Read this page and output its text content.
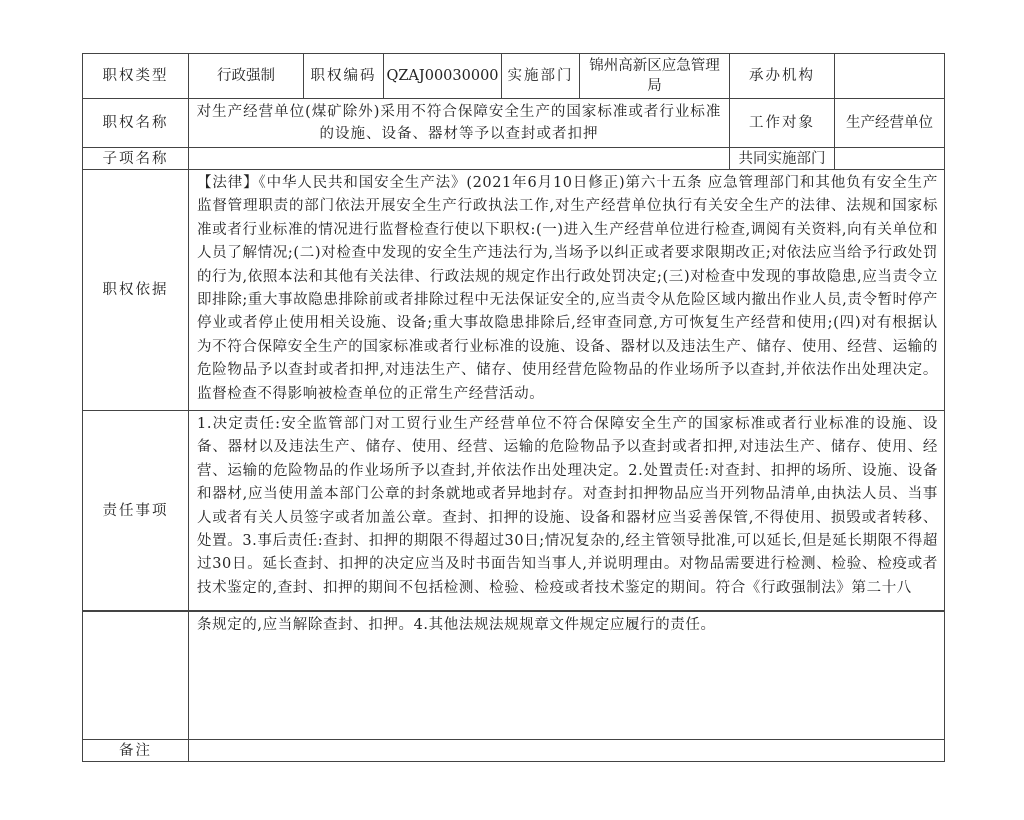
职权类型	行政强制	职权编码	QZAJ00030000	实施部门	锦州高新区应急管理局	承办机构	
职权名称	对生产经营单位(煤矿除外)采用不符合保障安全生产的国家标准或者行业标准的设施、设备、器材等予以查封或者扣押					工作对象	生产经营单位
子项名称						共同实施部门	
职权依据	【法律】《中华人民共和国安全生产法》(2021年6月10日修正)第六十五条 应急管理部门和其他负有安全生产监督管理职责的部门依法开展安全生产行政执法工作,对生产经营单位执行有关安全生产的法律、法规和国家标准或者行业标准的情况进行监督检查行使以下职权:(一)进入生产经营单位进行检查,调阅有关资料,向有关单位和人员了解情况;(二)对检查中发现的安全生产违法行为,当场予以纠正或者要求限期改正;对依法应当给予行政处罚的行为,依照本法和其他有关法律、行政法规的规定作出行政处罚决定;(三)对检查中发现的事故隐患,应当责令立即排除;重大事故隐患排除前或者排除过程中无法保证安全的,应当责令从危险区域内撤出作业人员,责令暂时停产停业或者停止使用相关设施、设备;重大事故隐患排除后,经审查同意,方可恢复生产经营和使用;(四)对有根据认为不符合保障安全生产的国家标准或者行业标准的设施、设备、器材以及违法生产、储存、使用、经营、运输的危险物品予以查封或者扣押,对违法生产、储存、使用经营危险物品的作业场所予以查封,并依法作出处理决定。监督检查不得影响被检查单位的正常生产经营活动。						
责任事项	1.决定责任:安全监管部门对工贸行业生产经营单位不符合保障安全生产的国家标准或者行业标准的设施、设备、器材以及违法生产、储存、使用、经营、运输的危险物品予以查封或者扣押,对违法生产、储存、使用、经营、运输的危险物品的作业场所予以查封,并依法作出处理决定。2.处置责任:对查封、扣押的场所、设施、设备和器材,应当使用盖本部门公章的封条就地或者异地封存。对查封扣押物品应当开列物品清单,由执法人员、当事人或者有关人员签字或者加盖公章。查封、扣押的设施、设备和器材应当妥善保管,不得使用、损毁或者转移、处置。3.事后责任:查封、扣押的期限不得超过30日;情况复杂的,经主管领导批准,可以延长,但是延长期限不得超过30日。延长查封、扣押的决定应当及时书面告知当事人,并说明理由。对物品需要进行检测、检验、检疫或者技术鉴定的,查封、扣押的期间不包括检测、检验、检疫或者技术鉴定的期间。符合《行政强制法》第二十八						
	条规定的,应当解除查封、扣押。4.其他法规法规规章文件规定应履行的责任。
备注	
